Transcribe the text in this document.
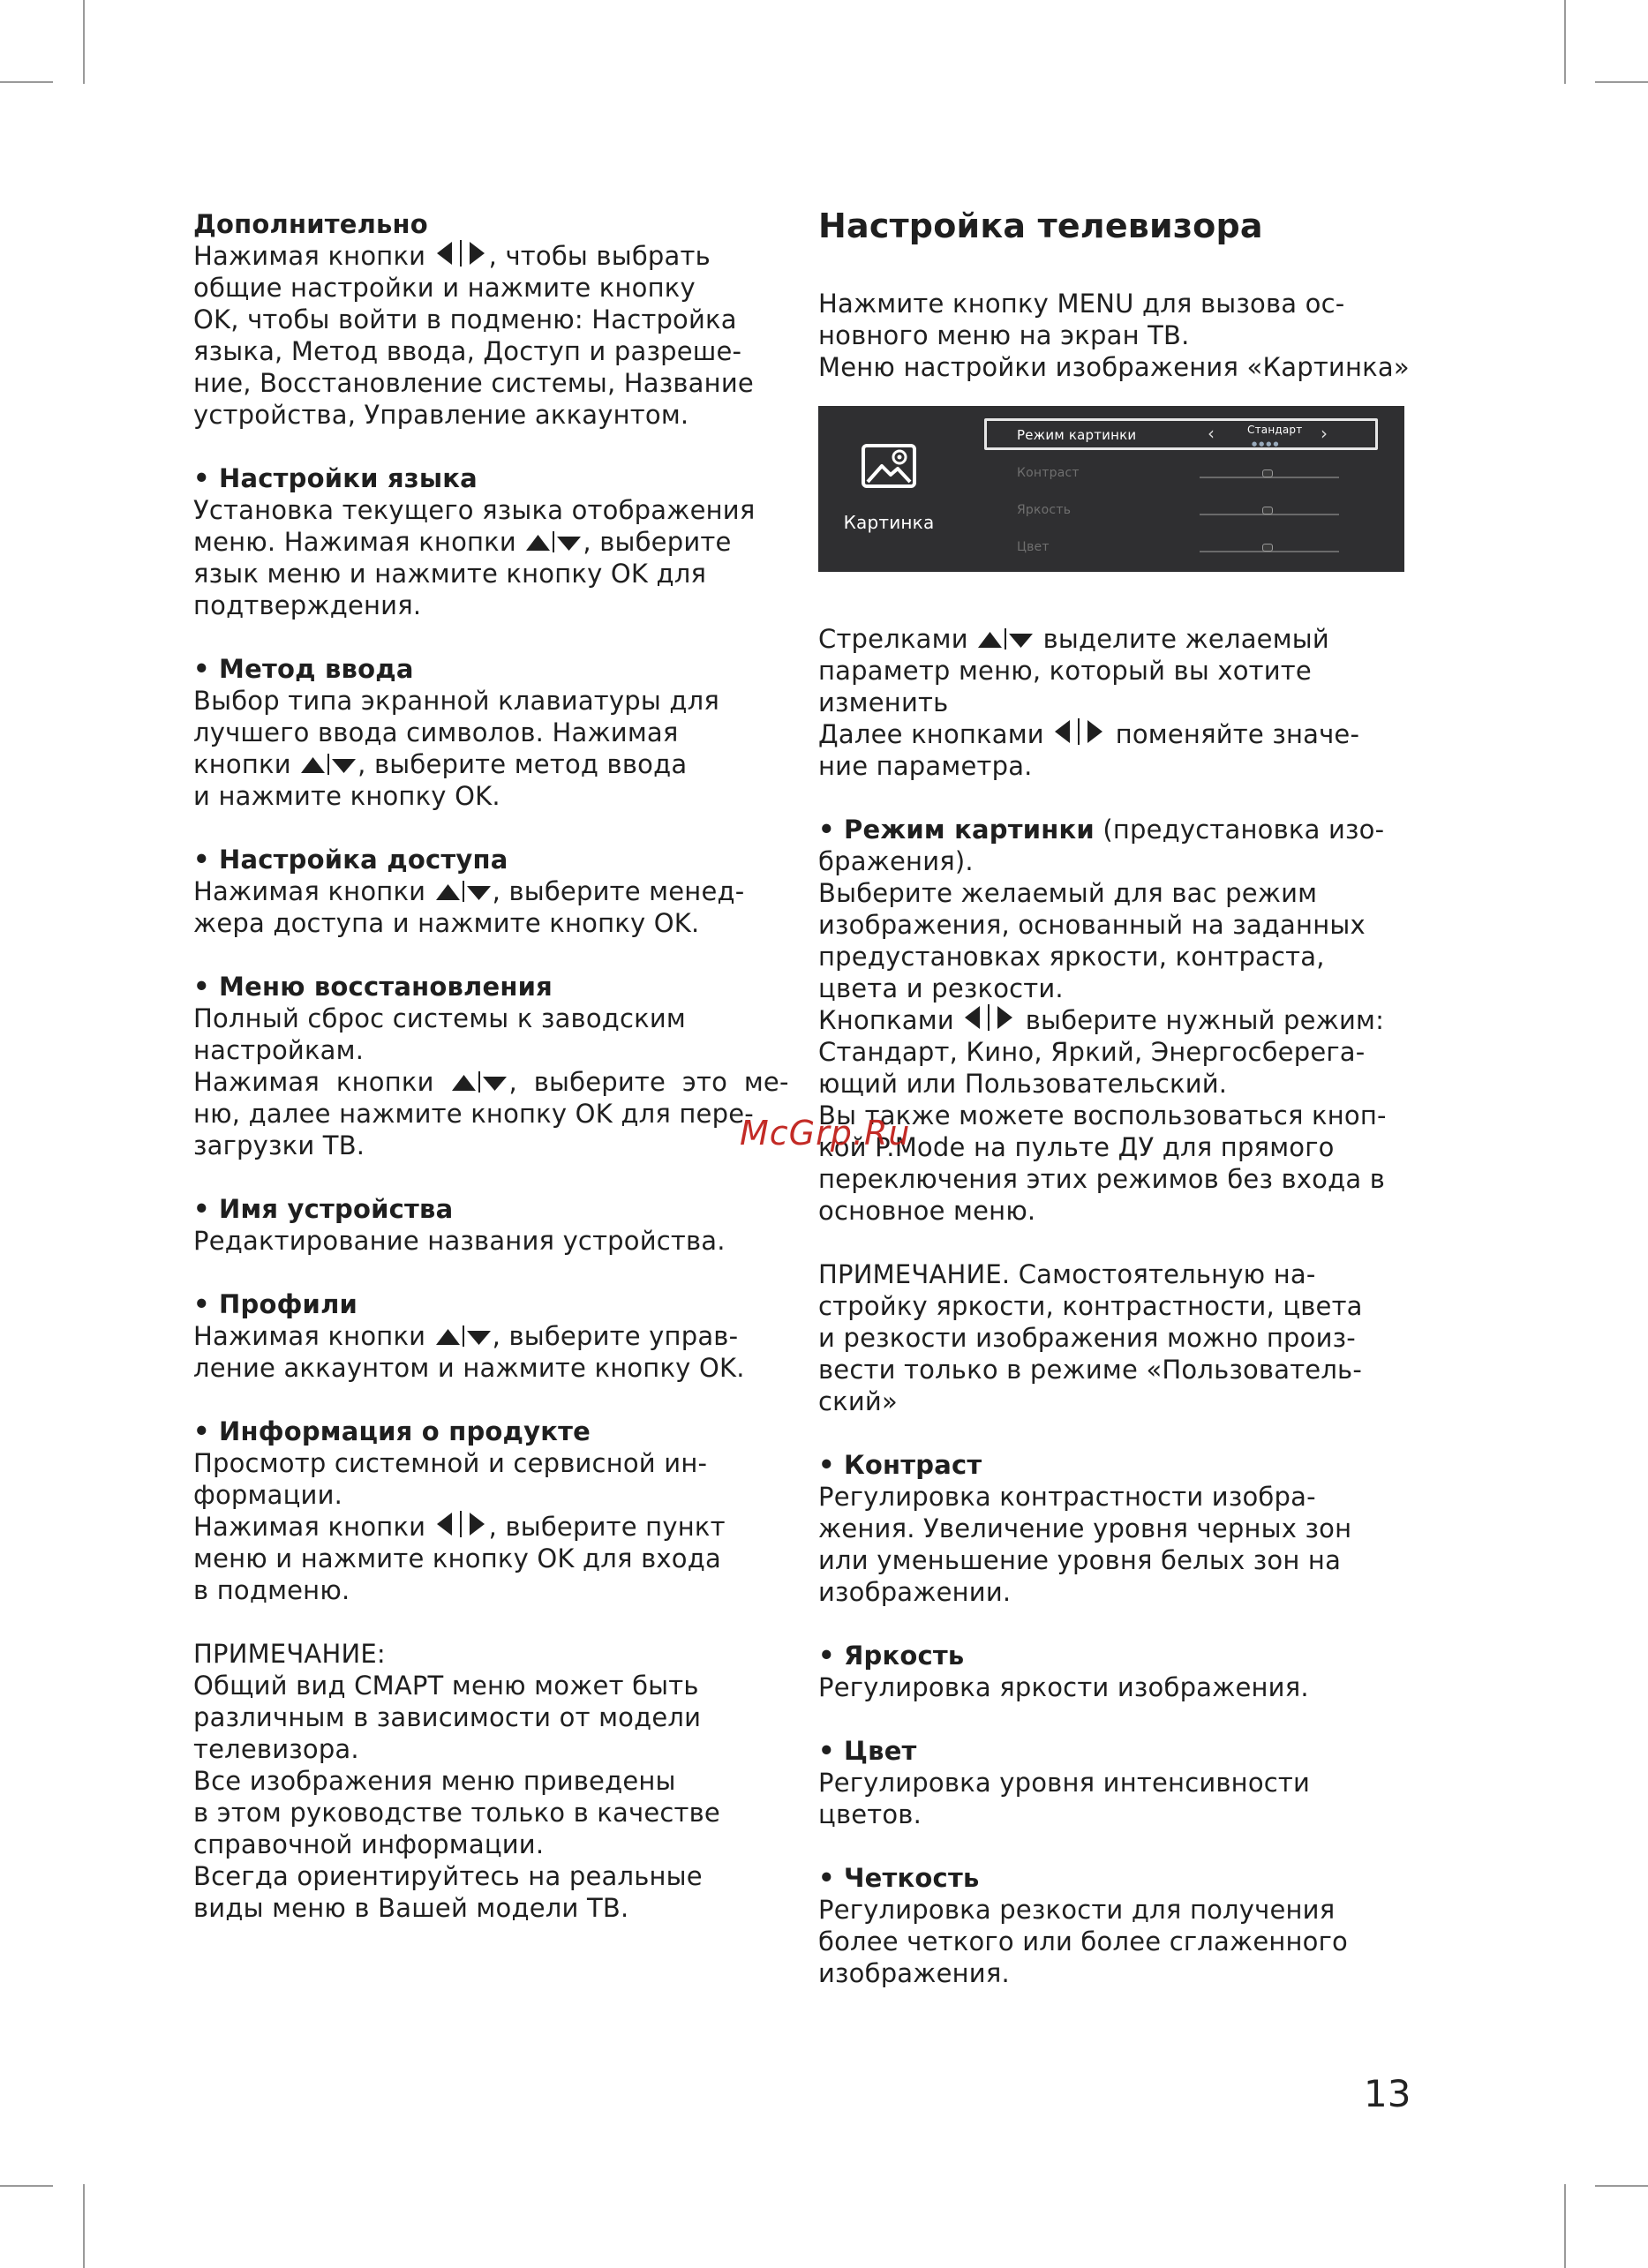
Дополнительно
Нажимая кнопки
, чтобы выбрать
общие настройки и нажмите кнопку
OK, чтобы войти в подменю: Настройка
языка, Метод ввода, Доступ и разреше-
ние, Восстановление системы, Название
устройства, Управление аккаунтом.
• Настройки языка
Установка текущего языка отображения
меню. Нажимая кнопки
, выберите
язык меню и нажмите кнопку OK для
подтверждения.
• Метод ввода
Выбор типа экранной клавиатуры для
лучшего ввода символов. Нажимая
кнопки
, выберите метод ввода
и нажмите кнопку OK.
• Настройка доступа
Нажимая кнопки
, выберите менед-
жера доступа и нажмите кнопку OK.
• Меню восстановления
Полный сброс системы к заводским
настройкам.
Нажимая  кнопки
,  выберите  это  ме-
ню, далее нажмите кнопку OK для пере-
загрузки ТВ.
• Имя устройства
Редактирование названия устройства.
• Профили
Нажимая кнопки
, выберите управ-
ление аккаунтом и нажмите кнопку OK.
• Информация о продукте
Просмотр системной и сервисной ин-
формации.
Нажимая кнопки
, выберите пункт
меню и нажмите кнопку OK для входа
в подменю.
ПРИМЕЧАНИЕ:
Общий вид СМАРТ меню может быть
различным в зависимости от модели
телевизора.
Все изображения меню приведены
в этом руководстве только в качестве
справочной информации.
Всегда ориентируйтесь на реальные
виды меню в Вашей модели ТВ.
Настройка телевизора
Нажмите кнопку MENU для вызова ос-
новного меню на экран ТВ.
Меню настройки изображения «Картинка»
Картинка
Режим картинки	‹	Стандарт
●●●● ›
Контраст
Яркость
Цвет
Стрелками
выделите желаемый
параметр меню, который вы хотите
изменить
Далее кнопками
поменяйте значе-
ние параметра.
• Режим картинки (предустановка изо-
бражения).
Выберите желаемый для вас режим
изображения, основанный на заданных
предустановках яркости, контраста,
цвета и резкости.
Кнопками
выберите нужный режим:
Стандарт, Кино, Яркий, Энергосберега-
ющий или Пользовательский.
Вы также можете воспользоваться кноп-
кой P.Mode на пульте ДУ для прямого
переключения этих режимов без входа в
основное меню.
ПРИМЕЧАНИЕ. Самостоятельную на-
стройку яркости, контрастности, цвета
и резкости изображения можно произ-
вести только в режиме «Пользователь-
ский»
• Контраст
Регулировка контрастности изобра-
жения. Увеличение уровня черных зон
или уменьшение уровня белых зон на
изображении.
• Яркость
Регулировка яркости изображения.
• Цвет
Регулировка уровня интенсивности
цветов.
• Четкость
Регулировка резкости для получения
более четкого или более сглаженного
изображения.
McGrp.Ru
13
